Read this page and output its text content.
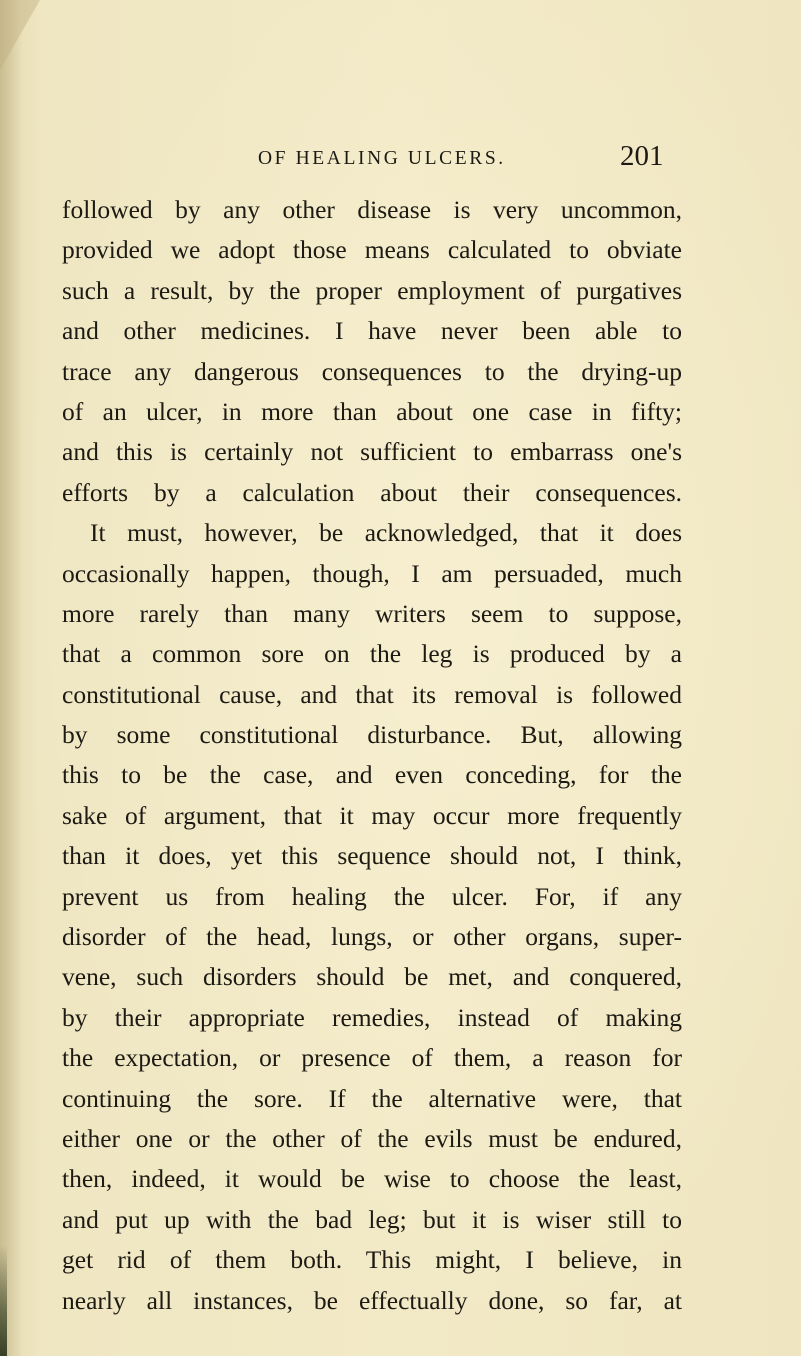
OF HEALING ULCERS.	201
followed by any other disease is very uncommon,
provided we adopt those means calculated to obviate
such a result, by the proper employment of purgatives
and other medicines. I have never been able to
trace any dangerous consequences to the drying-up
of an ulcer, in more than about one case in fifty;
and this is certainly not sufficient to embarrass one's
efforts by a calculation about their consequences.
It must, however, be acknowledged, that it does
occasionally happen, though, I am persuaded, much
more rarely than many writers seem to suppose,
that a common sore on the leg is produced by a
constitutional cause, and that its removal is followed
by some constitutional disturbance. But, allowing
this to be the case, and even conceding, for the
sake of argument, that it may occur more frequently
than it does, yet this sequence should not, I think,
prevent us from healing the ulcer. For, if any
disorder of the head, lungs, or other organs, super-
vene, such disorders should be met, and conquered,
by their appropriate remedies, instead of making
the expectation, or presence of them, a reason for
continuing the sore. If the alternative were, that
either one or the other of the evils must be endured,
then, indeed, it would be wise to choose the least,
and put up with the bad leg; but it is wiser still to
get rid of them both. This might, I believe, in
nearly all instances, be effectually done, so far, at
